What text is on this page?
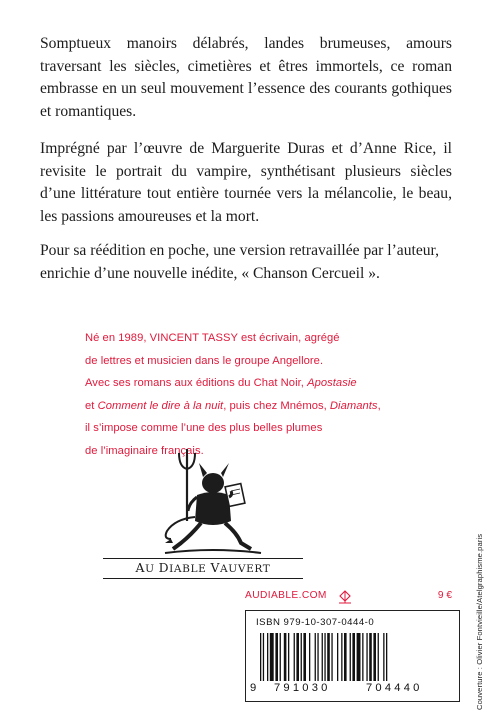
Somptueux manoirs délabrés, landes brumeuses, amours traversant les siècles, cimetières et êtres immortels, ce roman embrasse en un seul mouvement l’essence des courants gothiques et romantiques.

Imprégné par l’œuvre de Marguerite Duras et d’Anne Rice, il revisite le portrait du vampire, synthétisant plusieurs siècles d’une littérature tout entière tournée vers la mélancolie, le beau, les passions amoureuses et la mort.

Pour sa réédition en poche, une version retravaillée par l’auteur, enrichie d’une nouvelle inédite, « Chanson Cercueil ».

Né en 1989, VINCENT TASSY est écrivain, agrégé
de lettres et musicien dans le groupe Angellore.
Avec ses romans aux éditions du Chat Noir, Apostasie
et Comment le dire à la nuit, puis chez Mnémos, Diamants,
il s’impose comme l’une des plus belles plumes
de l’imaginaire français.
AU DIABLE VAUVERT
AUDIABLE.COM	9 €
ISBN 979-10-307-0444-0
9 791030	704440	Couverture : Olivier Fontvieille/Atelgraphisme.paris
